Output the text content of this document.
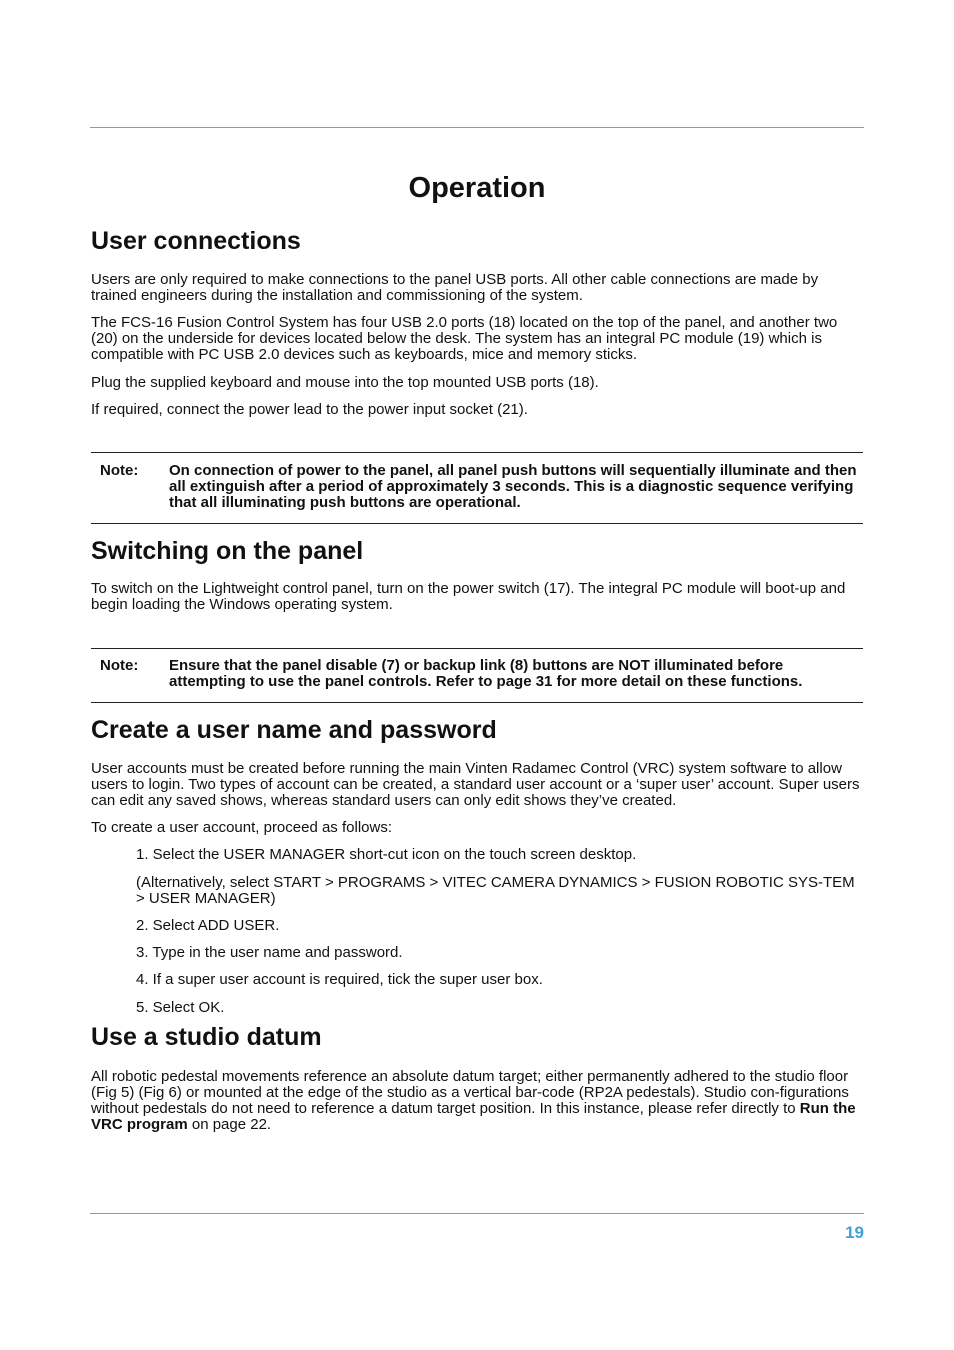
Operation
User connections

Users are only required to make connections to the panel USB ports. All other cable connections are made by trained engineers during the installation and commissioning of the system.

The FCS-16 Fusion Control System has four USB 2.0 ports (18) located on the top of the panel, and another two (20) on the underside for devices located below the desk. The system has an integral PC module (19) which is compatible with PC USB 2.0 devices such as keyboards, mice and memory sticks.

Plug the supplied keyboard and mouse into the top mounted USB ports (18).

If required, connect the power lead to the power input socket (21).

Note: On connection of power to the panel, all panel push buttons will sequentially illuminate and then all extinguish after a period of approximately 3 seconds. This is a diagnostic sequence verifying that all illuminating push buttons are operational.
Switching on the panel

To switch on the Lightweight control panel, turn on the power switch (17). The integral PC module will boot-up and begin loading the Windows operating system.

Note: Ensure that the panel disable (7) or backup link (8) buttons are NOT illuminated before attempting to use the panel controls. Refer to page 31 for more detail on these functions.
Create a user name and password

User accounts must be created before running the main Vinten Radamec Control (VRC) system software to allow users to login. Two types of account can be created, a standard user account or a ‘super user’ account. Super users can edit any saved shows, whereas standard users can only edit shows they’ve created.

To create a user account, proceed as follows:

1. Select the USER MANAGER short-cut icon on the touch screen desktop.
(Alternatively, select START > PROGRAMS > VITEC CAMERA DYNAMICS > FUSION ROBOTIC SYS-TEM > USER MANAGER)
2. Select ADD USER.
3. Type in the user name and password.
4. If a super user account is required, tick the super user box.
5. Select OK.
Use a studio datum

All robotic pedestal movements reference an absolute datum target; either permanently adhered to the studio floor (Fig 5) (Fig 6) or mounted at the edge of the studio as a vertical bar-code (RP2A pedestals). Studio con-figurations without pedestals do not need to reference a datum target position. In this instance, please refer directly to Run the VRC program on page 22.

19
